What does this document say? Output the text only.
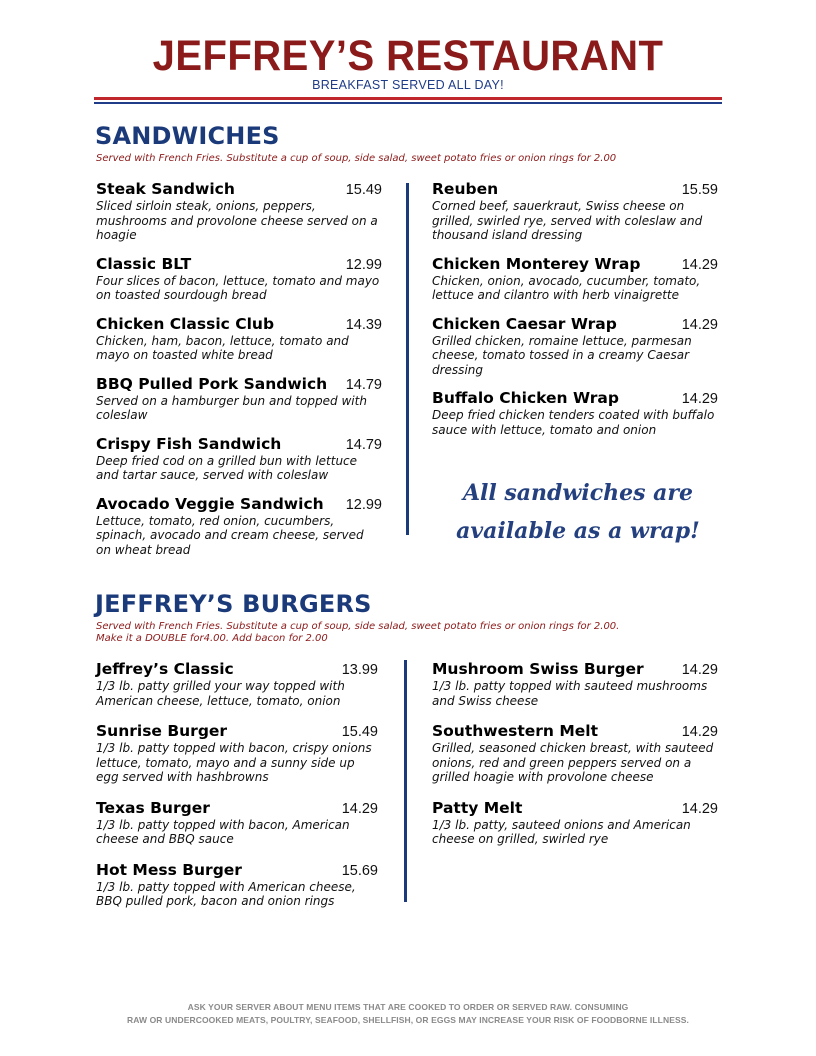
JEFFREY’S RESTAURANT
BREAKFAST SERVED ALL DAY!
SANDWICHES
Served with French Fries. Substitute a cup of soup, side salad, sweet potato fries or onion rings for 2.00
Steak Sandwich	15.49
Sliced sirloin steak, onions, peppers, mushrooms and provolone cheese served on a hoagie
Classic BLT	12.99
Four slices of bacon, lettuce, tomato and mayo on toasted sourdough bread
Chicken Classic Club	14.39
Chicken, ham, bacon, lettuce, tomato and mayo on toasted white bread
BBQ Pulled Pork Sandwich 14.79
Served on a hamburger bun and topped with coleslaw
Crispy Fish Sandwich	14.79
Deep fried cod on a grilled bun with lettuce and tartar sauce, served with coleslaw
Avocado Veggie Sandwich 12.99
Lettuce, tomato, red onion, cucumbers, spinach, avocado and cream cheese, served on wheat bread
Reuben	15.59
Corned beef, sauerkraut, Swiss cheese on grilled, swirled rye, served with coleslaw and thousand island dressing
Chicken Monterey Wrap	14.29
Chicken, onion, avocado, cucumber, tomato, lettuce and cilantro with herb vinaigrette
Chicken Caesar Wrap	14.29
Grilled chicken, romaine lettuce, parmesan cheese, tomato tossed in a creamy Caesar dressing
Buffalo Chicken Wrap	14.29
Deep fried chicken tenders coated with buffalo sauce with lettuce, tomato and onion
All sandwiches are
available as a wrap!
JEFFREY’S BURGERS
Served with French Fries. Substitute a cup of soup, side salad, sweet potato fries or onion rings for 2.00.
Make it a DOUBLE for4.00. Add bacon for 2.00
Jeffrey’s Classic	13.99
1/3 lb. patty grilled your way topped with American cheese, lettuce, tomato, onion
Sunrise Burger	15.49
1/3 lb. patty topped with bacon, crispy onions lettuce, tomato, mayo and a sunny side up egg served with hashbrowns
Texas Burger	14.29
1/3 lb. patty topped with bacon, American cheese and BBQ sauce
Hot Mess Burger	15.69
1/3 lb. patty topped with American cheese, BBQ pulled pork, bacon and onion rings
Mushroom Swiss Burger	14.29
1/3 lb. patty topped with sauteed mushrooms and Swiss cheese
Southwestern Melt	14.29
Grilled, seasoned chicken breast, with sauteed onions, red and green peppers served on a grilled hoagie with provolone cheese
Patty Melt	14.29
1/3 lb. patty, sauteed onions and American cheese on grilled, swirled rye
ASK YOUR SERVER ABOUT MENU ITEMS THAT ARE COOKED TO ORDER OR SERVED RAW. CONSUMING
RAW OR UNDERCOOKED MEATS, POULTRY, SEAFOOD, SHELLFISH, OR EGGS MAY INCREASE YOUR RISK OF FOODBORNE ILLNESS.
